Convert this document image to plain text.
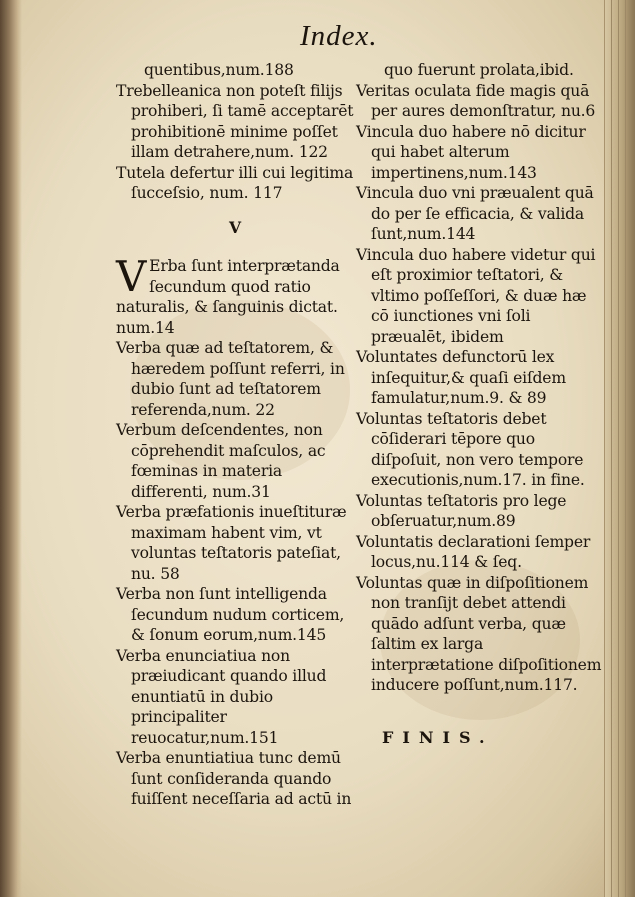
Index.

quentibus,num.188

Trebelleanica non poteſt filijs prohiberi, ſi tamē acceptarēt prohibitionē minime poſſet illam detrahere,num. 122

Tutela defertur illi cui legitima ſucceſsio, num. 117

V

V Erba ſunt interprætanda ſecundum quod ratio naturalis, & ſanguinis dictat. num.14

Verba quæ ad teſtatorem, & hæredem poſſunt referri, in dubio ſunt ad teſtatorem referenda,num. 22

Verbum deſcendentes, non cōprehendit maſculos, ac fœminas in materia differenti, num.31

Verba præfationis inueſtituræ maximam habent vim, vt voluntas teſtatoris pateſiat, nu. 58

Verba non ſunt intelligenda ſecundum nudum corticem, & ſonum eorum,num.145

Verba enunciatiua non præiudicant quando illud enuntiatū in dubio principaliter reuocatur,num.151

Verba enuntiatiua tunc demū ſunt conſideranda quando fuiſſent neceſſaria ad actū in

quo fuerunt prolata,ibid.

Veritas oculata fide magis quā per aures demonſtratur, nu.6

Vincula duo habere nō dicitur qui habet alterum impertinens,num.143

Vincula duo vni præualent quā do per ſe efficacia, & valida ſunt,num.144

Vincula duo habere videtur qui eſt proximior teſtatori, & vltimo poſſeſſori, & duæ hæ cō iunctiones vni ſoli præualēt, ibidem

Voluntates defunctorū lex inſequitur,& quaſi eiſdem famulatur,num.9. & 89

Voluntas teſtatoris debet cōſiderari tēpore quo diſpoſuit, non vero tempore executionis,num.17. in fine.

Voluntas teſtatoris pro lege obſeruatur,num.89

Voluntatis declarationi ſemper locus,nu.114 & ſeq.

Voluntas quæ in diſpoſitionem non tranſijt debet attendi quādo adſunt verba, quæ ſaltim ex larga interprætatione diſpoſitionem inducere poſſunt,num.117.

FINIS.
